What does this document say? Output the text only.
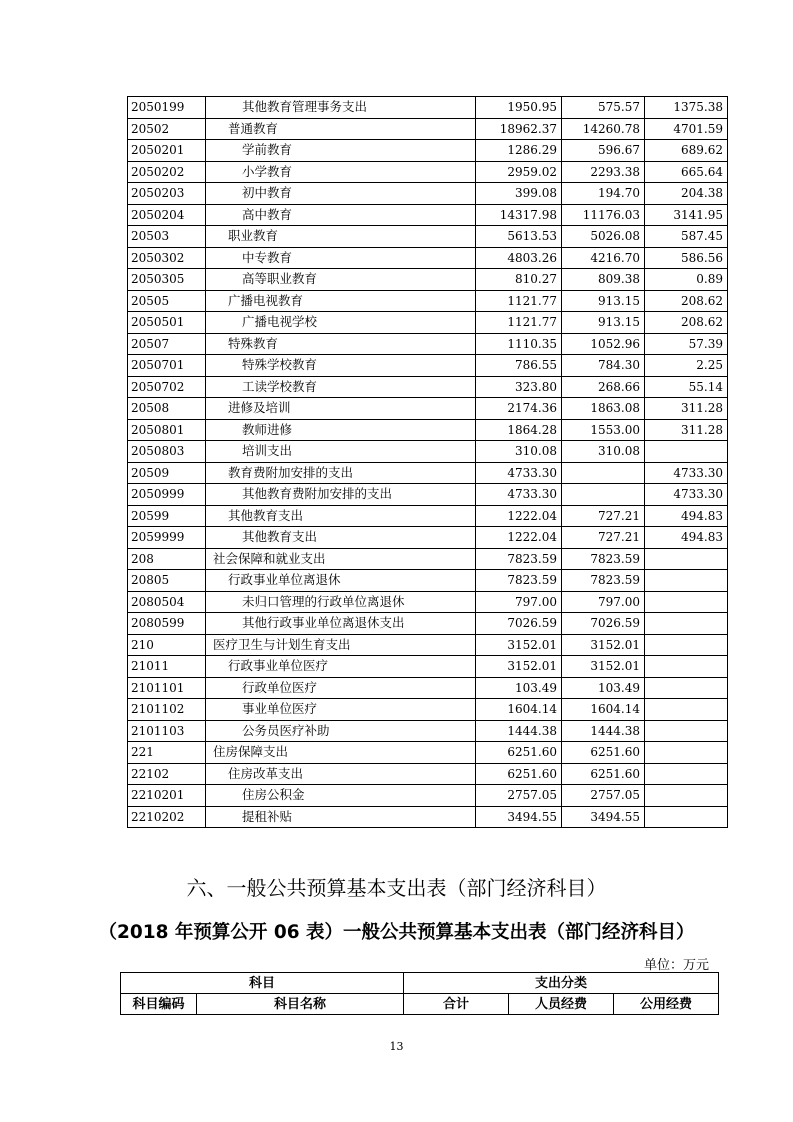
2050199	其他教育管理事务支出	1950.95	575.57	1375.38
20502	普通教育	18962.37	14260.78	4701.59
2050201	学前教育	1286.29	596.67	689.62
2050202	小学教育	2959.02	2293.38	665.64
2050203	初中教育	399.08	194.70	204.38
2050204	高中教育	14317.98	11176.03	3141.95
20503	职业教育	5613.53	5026.08	587.45
2050302	中专教育	4803.26	4216.70	586.56
2050305	高等职业教育	810.27	809.38	0.89
20505	广播电视教育	1121.77	913.15	208.62
2050501	广播电视学校	1121.77	913.15	208.62
20507	特殊教育	1110.35	1052.96	57.39
2050701	特殊学校教育	786.55	784.30	2.25
2050702	工读学校教育	323.80	268.66	55.14
20508	进修及培训	2174.36	1863.08	311.28
2050801	教师进修	1864.28	1553.00	311.28
2050803	培训支出	310.08	310.08	
20509	教育费附加安排的支出	4733.30		4733.30
2050999	其他教育费附加安排的支出	4733.30		4733.30
20599	其他教育支出	1222.04	727.21	494.83
2059999	其他教育支出	1222.04	727.21	494.83
208	社会保障和就业支出	7823.59	7823.59	
20805	行政事业单位离退休	7823.59	7823.59	
2080504	未归口管理的行政单位离退休	797.00	797.00	
2080599	其他行政事业单位离退休支出	7026.59	7026.59	
210	医疗卫生与计划生育支出	3152.01	3152.01	
21011	行政事业单位医疗	3152.01	3152.01	
2101101	行政单位医疗	103.49	103.49	
2101102	事业单位医疗	1604.14	1604.14	
2101103	公务员医疗补助	1444.38	1444.38	
221	住房保障支出	6251.60	6251.60	
22102	住房改革支出	6251.60	6251.60	
2210201	住房公积金	2757.05	2757.05	
2210202	提租补贴	3494.55	3494.55	
六、一般公共预算基本支出表（部门经济科目）
（2018 年预算公开 06 表）一般公共预算基本支出表（部门经济科目）
单位：万元
科目		支出分类		
科目编码	科目名称	合计	人员经费	公用经费
13
